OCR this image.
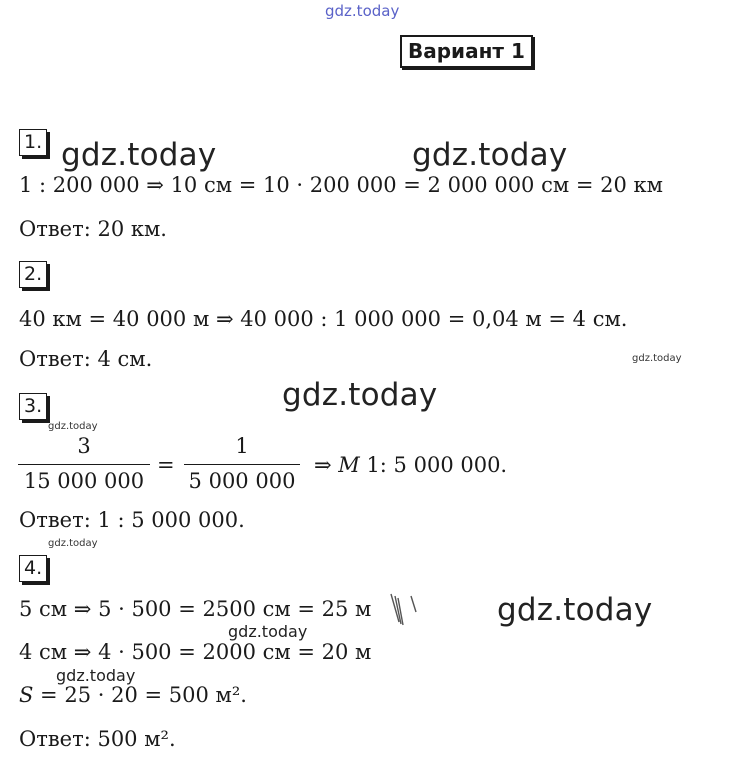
gdz.today
gdz.today	gdz.today
gdz.today
gdz.today
gdz.today
gdz.today
gdz.today
gdz.today
gdz.today
Вариант 1
1.
1 : 200 000 ⇒ 10 см = 10 · 200 000 = 2 000 000 см = 20 км
Ответ: 20 км.
2.
40 км = 40 000 м ⇒ 40 000 : 1 000 000 = 0,04 м = 4 см.
Ответ: 4 см.
3.
3
15 000 000
=
1
5 000 000
⇒ 𝑀 1: 5 000 000.
Ответ: 1 : 5 000 000.
4.
5 см ⇒ 5 · 500 = 2500 см = 25 м
4 см ⇒ 4 · 500 = 2000 см = 20 м
𝑆 = 25 · 20 = 500 м².
Ответ: 500 м².
